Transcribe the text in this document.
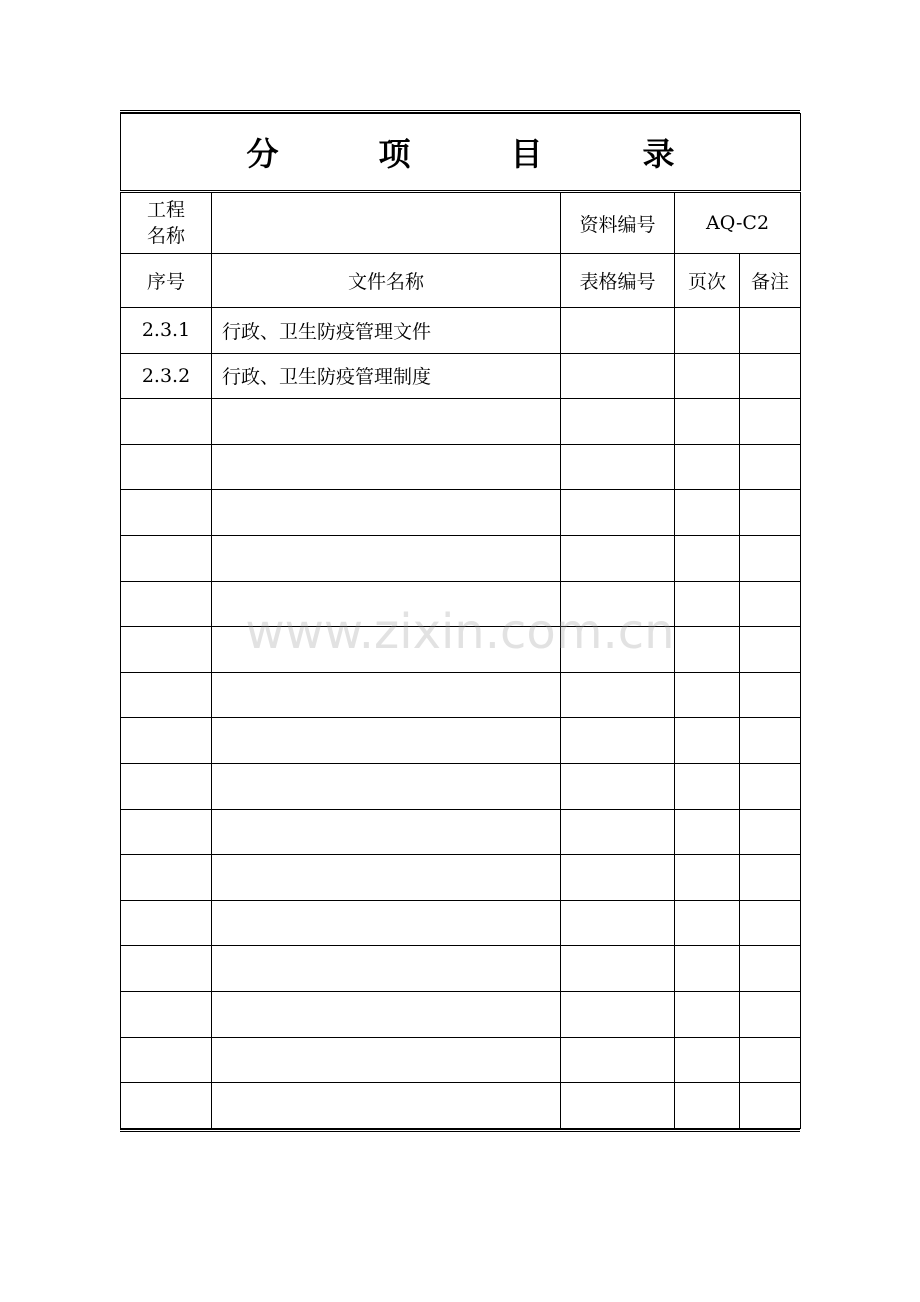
分　项　目　录				
工程名称		资料编号	AQ-C2	
序号	文件名称	表格编号	页次	备注
2.3.1	行政、卫生防疫管理文件			
2.3.2	行政、卫生防疫管理制度			

www.zixin.com.cn
